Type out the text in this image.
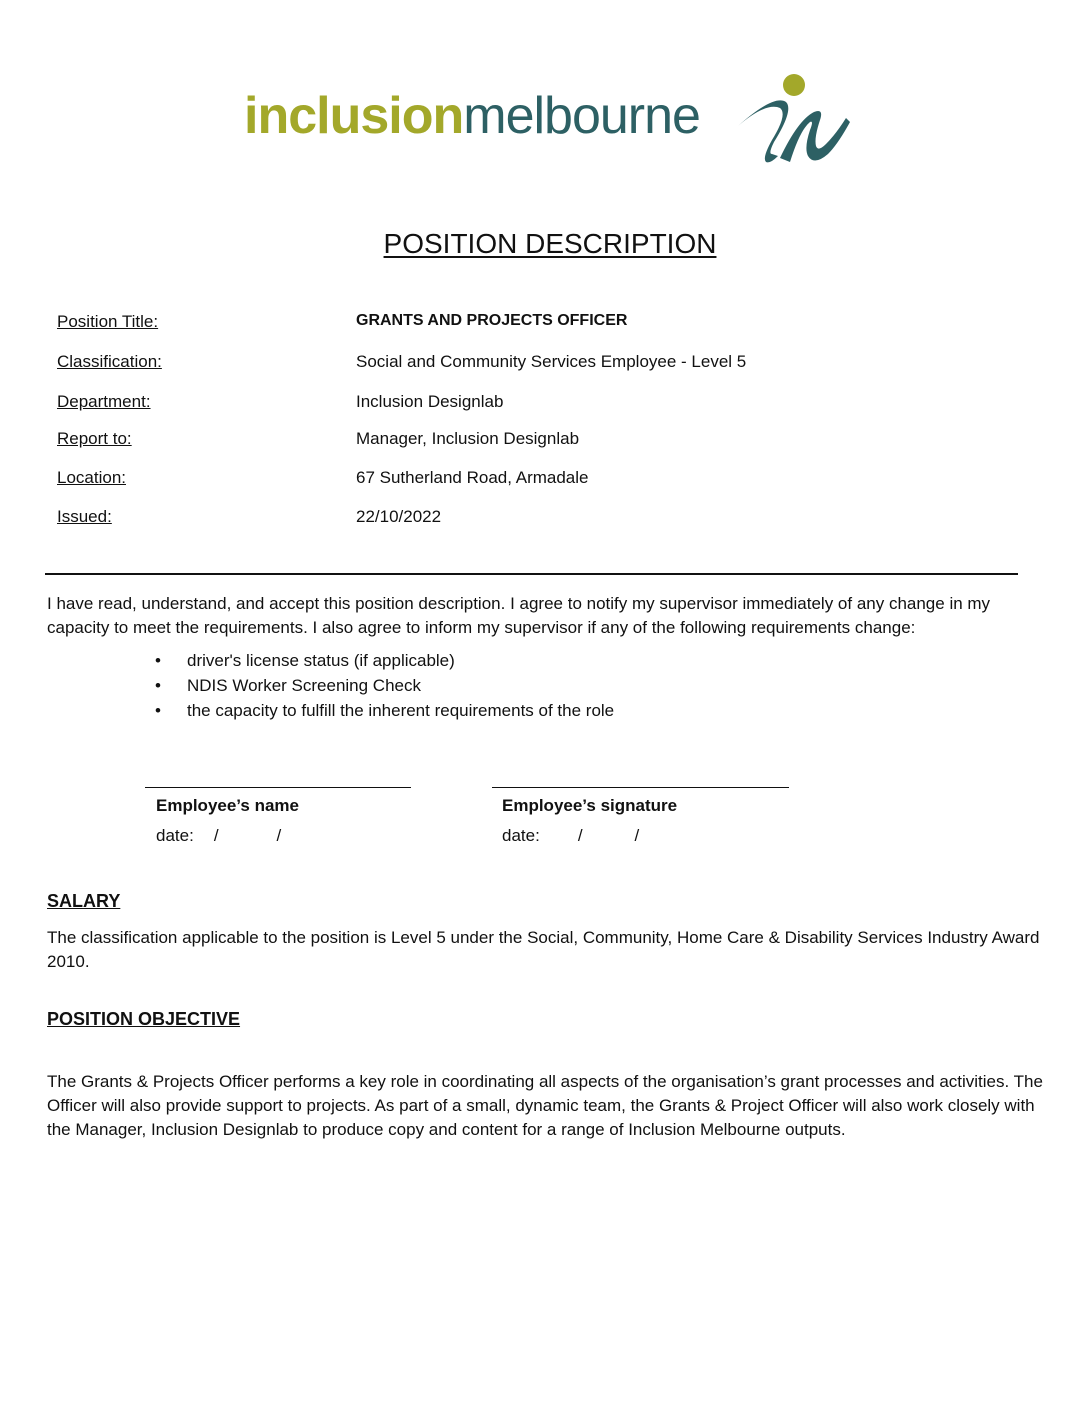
inclusionmelbourne
POSITION DESCRIPTION
Position Title:	GRANTS AND PROJECTS OFFICER
Classification:	Social and Community Services Employee - Level 5
Department:	Inclusion Designlab
Report to:	Manager, Inclusion Designlab
Location:	67 Sutherland Road, Armadale
Issued:	22/10/2022
I have read, understand, and accept this position description. I agree to notify my supervisor immediately of any change in my capacity to meet the requirements. I also agree to inform my supervisor if any of the following requirements change:
• driver's license status (if applicable)
• NDIS Worker Screening Check
• the capacity to fulfill the inherent requirements of the role
Employee’s name
date: /	/
Employee’s signature
date: /	/
SALARY
The classification applicable to the position is Level 5 under the Social, Community, Home Care & Disability Services Industry Award 2010.
POSITION OBJECTIVE
The Grants & Projects Officer performs a key role in coordinating all aspects of the organisation’s grant processes and activities. The Officer will also provide support to projects. As part of a small, dynamic team, the Grants & Project Officer will also work closely with the Manager, Inclusion Designlab to produce copy and content for a range of Inclusion Melbourne outputs.
